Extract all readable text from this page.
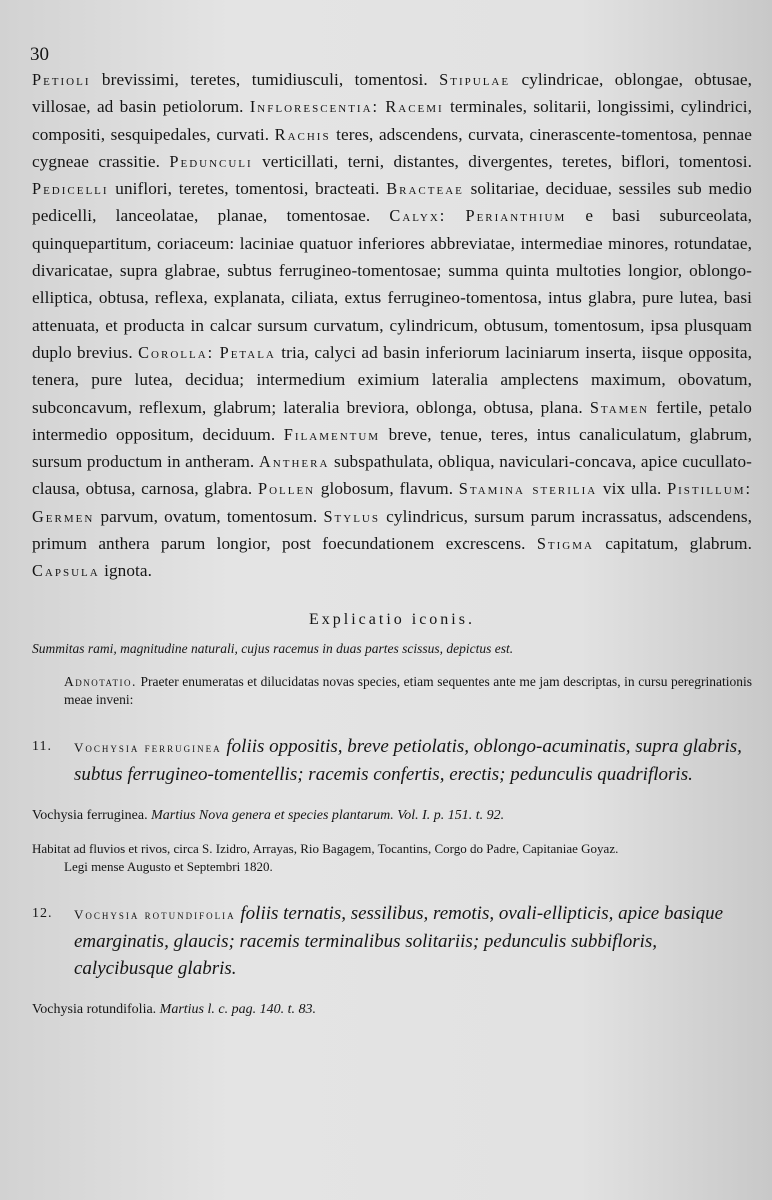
30

Petioli brevissimi, teretes, tumidiusculi, tomentosi. Stipulae cylindricae, oblongae, obtusae, villosae, ad basin petiolorum. Inflorescentia: Racemi terminales, solitarii, longissimi, cylindrici, compositi, sesquipedales, curvati. Rachis teres, adscendens, curvata, cinerascente-tomentosa, pennae cygneae crassitie. Pedunculi verticillati, terni, distantes, divergentes, teretes, biflori, tomentosi. Pedicelli uniflori, teretes, tomentosi, bracteati. Bracteae solitariae, deciduae, sessiles sub medio pedicelli, lanceolatae, planae, tomentosae. Calyx: Perianthium e basi suburceolata, quinquepartitum, coriaceum: laciniae quatuor inferiores abbreviatae, intermediae minores, rotundatae, divaricatae, supra glabrae, subtus ferrugineo-tomentosae; summa quinta multoties longior, oblongo-elliptica, obtusa, reflexa, explanata, ciliata, extus ferrugineo-tomentosa, intus glabra, pure lutea, basi attenuata, et producta in calcar sursum curvatum, cylindricum, obtusum, tomentosum, ipsa plusquam duplo brevius. Corolla: Petala tria, calyci ad basin inferiorum laciniarum inserta, iisque opposita, tenera, pure lutea, decidua; intermedium eximium lateralia amplectens maximum, obovatum, subconcavum, reflexum, glabrum; lateralia breviora, oblonga, obtusa, plana. Stamen fertile, petalo intermedio oppositum, deciduum. Filamentum breve, tenue, teres, intus canaliculatum, glabrum, sursum productum in antheram. Anthera subspathulata, obliqua, naviculari-concava, apice cucullato-clausa, obtusa, carnosa, glabra. Pollen globosum, flavum. Stamina sterilia vix ulla. Pistillum: Germen parvum, ovatum, tomentosum. Stylus cylindricus, sursum parum incrassatus, adscendens, primum anthera parum longior, post foecundationem excrescens. Stigma capitatum, glabrum. Capsula ignota.

Explicatio iconis.
Summitas rami, magnitudine naturali, cujus racemus in duas partes scissus, depictus est.
Adnotatio. Praeter enumeratas et dilucidatas novas species, etiam sequentes ante me jam descriptas, in cursu peregrinationis meae inveni:
11. Vochysia ferruginea foliis oppositis, breve petiolatis, oblongo-acuminatis, supra glabris, subtus ferrugineo-tomentellis; racemis confertis, erectis; pedunculis quadrifloris.
Vochysia ferruginea. Martius Nova genera et species plantarum. Vol. I. p. 151. t. 92.
Habitat ad fluvios et rivos, circa S. Izidro, Arrayas, Rio Bagagem, Tocantins, Corgo do Padre, Capitaniae Goyaz.
Legi mense Augusto et Septembri 1820.
12. Vochysia rotundifolia foliis ternatis, sessilibus, remotis, ovali-ellipticis, apice basique emarginatis, glaucis; racemis terminalibus solitariis; pedunculis subbifloris, calycibusque glabris.
Vochysia rotundifolia. Martius l. c. pag. 140. t. 83.
